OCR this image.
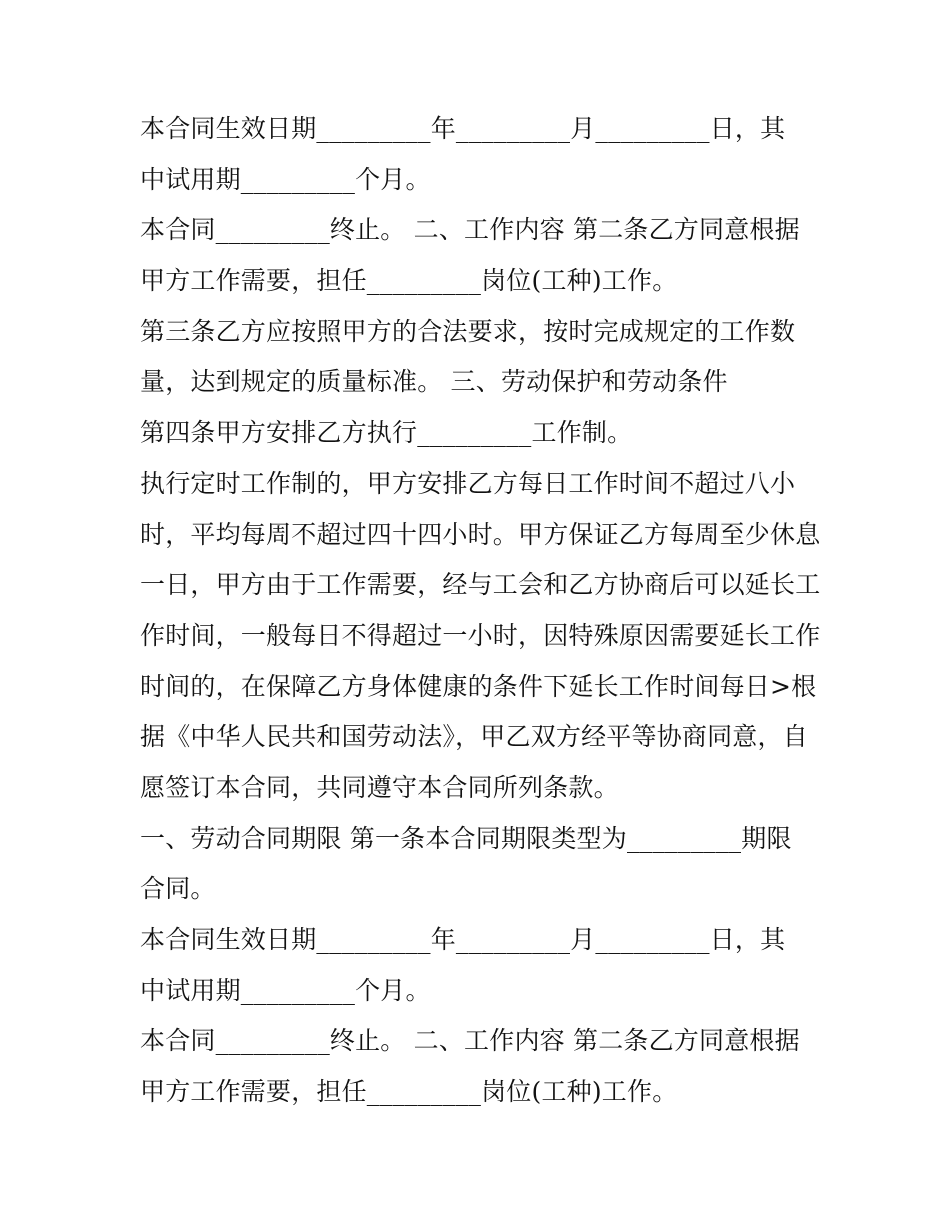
本合同生效日期_________年_________月_________日，其
中试用期_________个月。
本合同_________终止。 二、工作内容 第二条乙方同意根据
甲方工作需要，担任_________岗位(工种)工作。
第三条乙方应按照甲方的合法要求，按时完成规定的工作数
量，达到规定的质量标准。 三、劳动保护和劳动条件
第四条甲方安排乙方执行_________工作制。
执行定时工作制的，甲方安排乙方每日工作时间不超过八小
时，平均每周不超过四十四小时。甲方保证乙方每周至少休息
一日，甲方由于工作需要，经与工会和乙方协商后可以延长工
作时间，一般每日不得超过一小时，因特殊原因需要延长工作
时间的，在保障乙方身体健康的条件下延长工作时间每日>根
据《中华人民共和国劳动法》，甲乙双方经平等协商同意，自
愿签订本合同，共同遵守本合同所列条款。
一、劳动合同期限 第一条本合同期限类型为_________期限
合同。
本合同生效日期_________年_________月_________日，其
中试用期_________个月。
本合同_________终止。 二、工作内容 第二条乙方同意根据
甲方工作需要，担任_________岗位(工种)工作。
